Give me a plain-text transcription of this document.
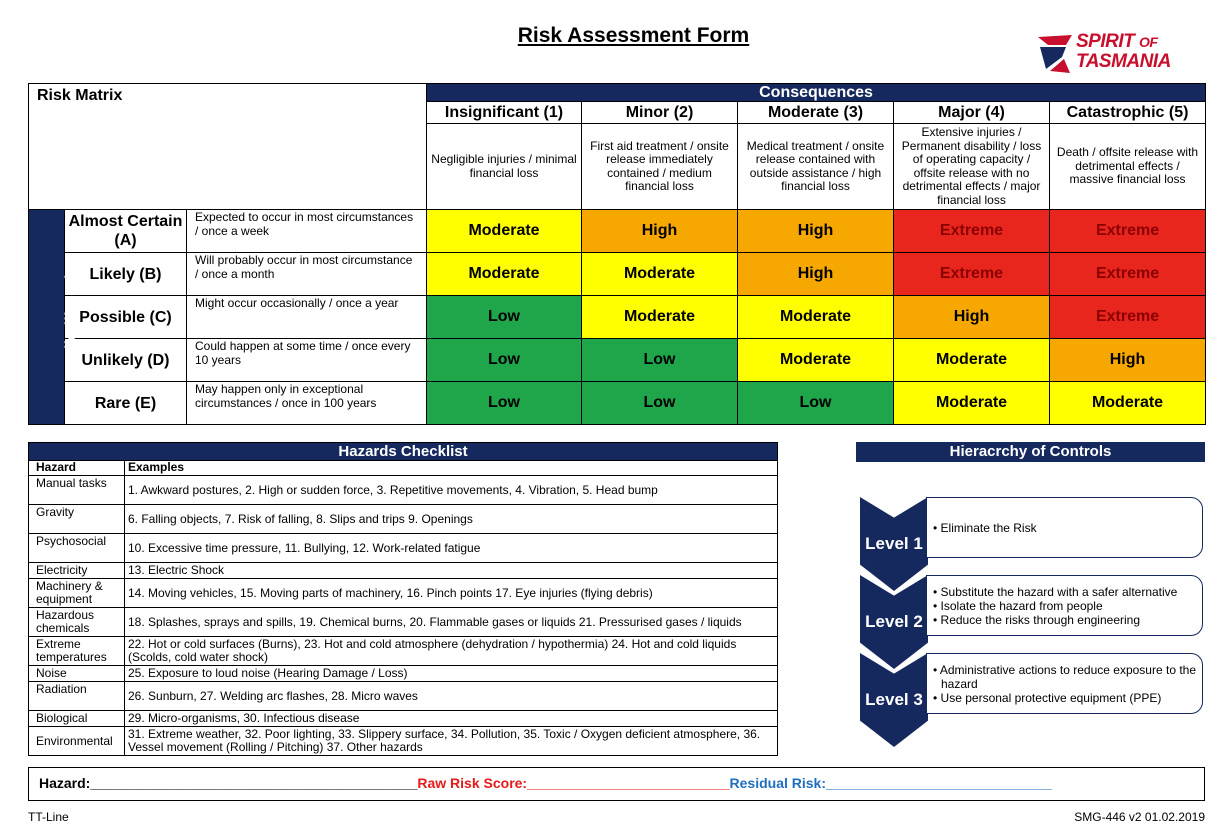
Risk Assessment Form	SPIRIT OF
TASMANIA
Risk Matrix			Consequences				
			Insignificant (1)	Minor (2)	Moderate (3)	Major (4)	Catastrophic (5)
			Negligible injuries / minimal financial loss	First aid treatment / onsite release immediately contained / medium financial loss	Medical treatment / onsite release contained with outside assistance / high financial loss	Extensive injuries / Permanent disability / loss of operating capacity / offsite release with no detrimental effects / major financial loss	Death / offsite release with detrimental effects / massive financial loss
Likelihood	Almost Certain (A)	Expected to occur in most circumstances / once a week	Moderate	High	High	Extreme	Extreme
	Likely (B)	Will probably occur in most circumstance / once a month	Moderate	Moderate	High	Extreme	Extreme
	Possible (C)	Might occur occasionally / once a year	Low	Moderate	Moderate	High	Extreme
	Unlikely (D)	Could happen at some time / once every 10 years	Low	Low	Moderate	Moderate	High
	Rare (E)	May happen only in exceptional circumstances / once in 100 years	Low	Low	Low	Moderate	Moderate
Hazards Checklist	
Hazard	Examples
Manual tasks	1. Awkward postures, 2. High or sudden force, 3. Repetitive movements, 4. Vibration, 5. Head bump
Gravity	6. Falling objects, 7. Risk of falling, 8. Slips and trips 9. Openings
Psychosocial	10. Excessive time pressure, 11. Bullying, 12. Work-related fatigue
Electricity	13. Electric Shock
Machinery & equipment	14. Moving vehicles, 15. Moving parts of machinery, 16. Pinch points 17. Eye injuries (flying debris)
Hazardous chemicals	18. Splashes, sprays and spills, 19. Chemical burns, 20. Flammable gases or liquids 21. Pressurised gases / liquids
Extreme temperatures	22. Hot or cold surfaces (Burns), 23. Hot and cold atmosphere (dehydration / hypothermia) 24. Hot and cold liquids (Scolds, cold water shock)
Noise	25. Exposure to loud noise (Hearing Damage / Loss)
Radiation	26. Sunburn, 27. Welding arc flashes, 28. Micro waves
Biological	29. Micro-organisms, 30. Infectious disease
Environmental	31. Extreme weather, 32. Poor lighting, 33. Slippery surface, 34. Pollution, 35. Toxic / Oxygen deficient atmosphere, 36. Vessel movement (Rolling / Pitching) 37. Other hazards
Hieracrchy of Controls
Level 1
• Eliminate the Risk
Level 2
• Substitute the hazard with a safer alternative
• Isolate the hazard from people
• Reduce the risks through engineering
Level 3
• Administrative actions to reduce exposure to the hazard
• Use personal protective equipment (PPE)
Hazard:__________________________________________Raw Risk Score:__________________________Residual Risk:_____________________________
TT-Line	SMG-446 v2 01.02.2019
